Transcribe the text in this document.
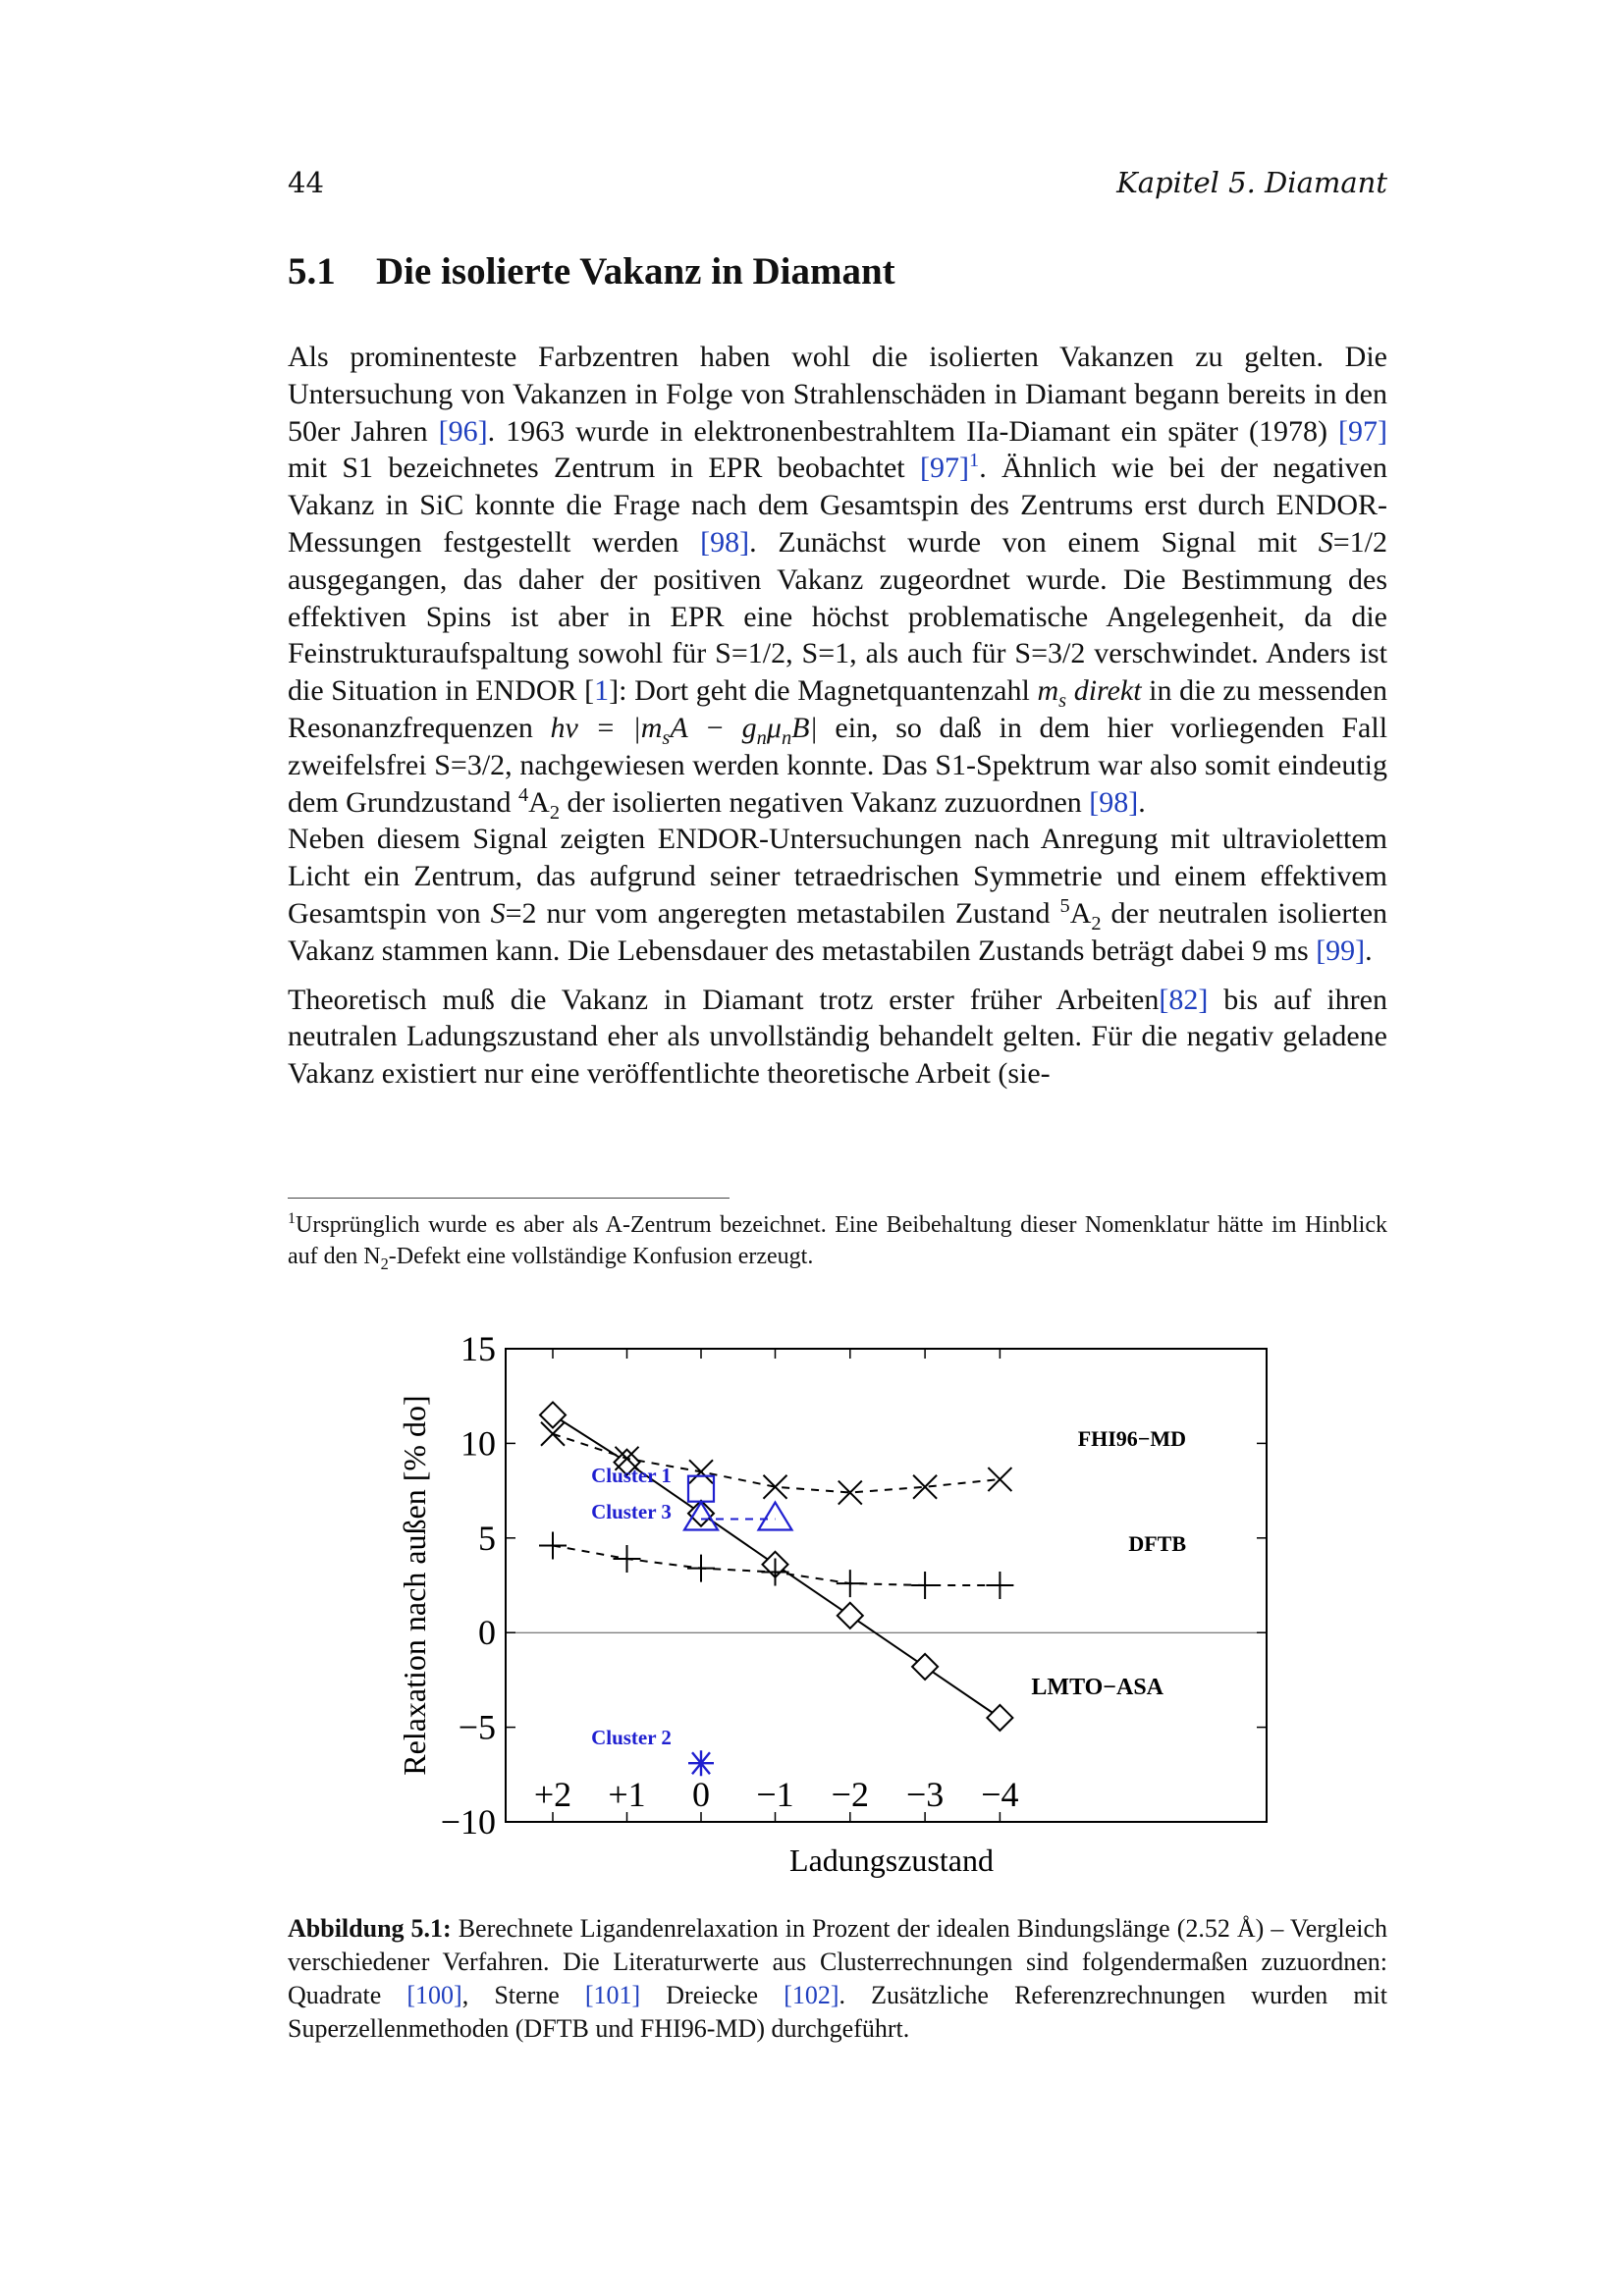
44	Kapitel 5. Diamant
5.1 Die isolierte Vakanz in Diamant

Als prominenteste Farbzentren haben wohl die isolierten Vakanzen zu gelten. Die Untersuchung von Vakanzen in Folge von Strahlenschäden in Diamant begann bereits in den 50er Jahren [96]. 1963 wurde in elektronenbestrahltem IIa-Diamant ein später (1978) [97] mit S1 bezeichnetes Zentrum in EPR beobachtet [97]$^1$. Ähnlich wie bei der negativen Vakanz in SiC konnte die Frage nach dem Gesamtspin des Zentrums erst durch ENDOR-Messungen festgestellt werden [98]. Zunächst wurde von einem Signal mit S=1/2 ausgegangen, das daher der positiven Vakanz zugeordnet wurde. Die Bestimmung des effektiven Spins ist aber in EPR eine höchst problematische Angelegenheit, da die Feinstrukturaufspaltung sowohl für S=1/2, S=1, als auch für S=3/2 verschwindet. Anders ist die Situation in ENDOR [1]: Dort geht die Magnetquantenzahl $m_s$ direkt in die zu messenden Resonanzfrequenzen $h\nu = |m_sA - g_n\mu_nB|$ ein, so daß in dem hier vorliegenden Fall zweifelsfrei S=3/2, nachgewiesen werden konnte. Das S1-Spektrum war also somit eindeutig dem Grundzustand $^4A_2$ der isolierten negativen Vakanz zuzuordnen [98].

Neben diesem Signal zeigten ENDOR-Untersuchungen nach Anregung mit ultraviolettem Licht ein Zentrum, das aufgrund seiner tetraedrischen Symmetrie und einem effektivem Gesamtspin von S=2 nur vom angeregten metastabilen Zustand $^5A_2$ der neutralen isolierten Vakanz stammen kann. Die Lebensdauer des metastabilen Zustands beträgt dabei 9 ms [99].

Theoretisch muß die Vakanz in Diamant trotz erster früher Arbeiten[82] bis auf ihren neutralen Ladungszustand eher als unvollständig behandelt gelten. Für die negativ geladene Vakanz existiert nur eine veröffentlichte theoretische Arbeit (sie-

$^1$Ursprünglich wurde es aber als A-Zentrum bezeichnet. Eine Beibehaltung dieser Nomenklatur hätte im Hinblick auf den $N_2$-Defekt eine vollständige Konfusion erzeugt.
15
10
5
0
−5
−10
+2 +1 0 −1 −2 −3 −4
Ladungszustand
Relaxation nach außen [% do]	FHI96−MD
DFTB
LMTO−ASA
Cluster 1
Cluster 3
Cluster 2
Abbildung 5.1: Berechnete Ligandenrelaxation in Prozent der idealen Bindungslänge (2.52 Å) – Vergleich verschiedener Verfahren. Die Literaturwerte aus Clusterrechnungen sind folgendermaßen zuzuordnen: Quadrate [100], Sterne [101] Dreiecke [102]. Zusätzliche Referenzrechnungen wurden mit Superzellenmethoden (DFTB und FHI96-MD) durchgeführt.
